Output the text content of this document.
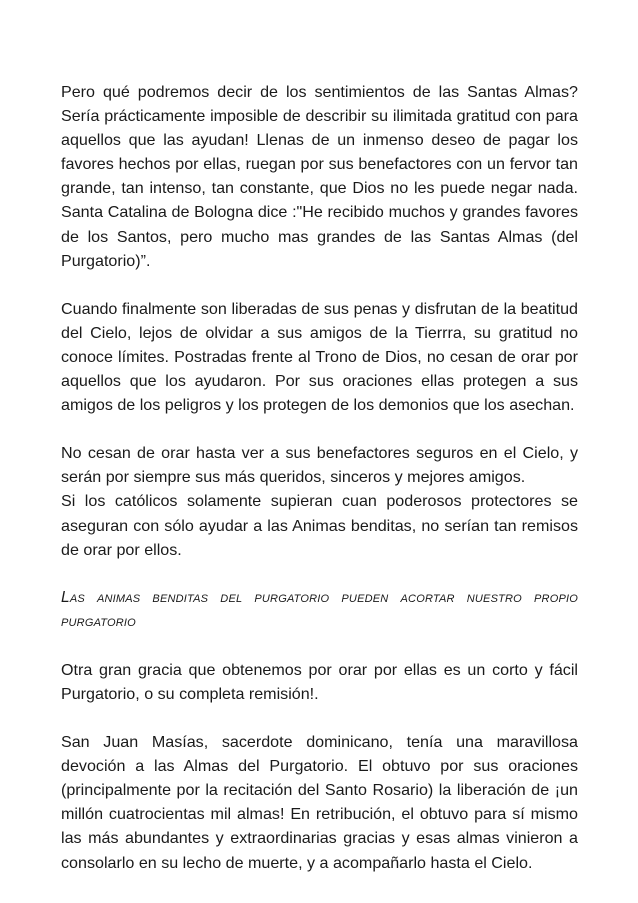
Pero qué podremos decir de los sentimientos de las Santas Almas? Sería prácticamente imposible de describir su ilimitada gratitud con para aquellos que las ayudan! Llenas de un inmenso deseo de pagar los favores hechos por ellas, ruegan por sus benefactores con un fervor tan grande, tan intenso, tan constante, que Dios no les puede negar nada. Santa Catalina de Bologna dice :"He recibido muchos y grandes favores de los Santos, pero mucho mas grandes de las Santas Almas (del Purgatorio)”.

Cuando finalmente son liberadas de sus penas y disfrutan de la beatitud del Cielo, lejos de olvidar a sus amigos de la Tierrra, su gratitud no conoce límites. Postradas frente al Trono de Dios, no cesan de orar por aquellos que los ayudaron. Por sus oraciones ellas protegen a sus amigos de los peligros y los protegen de los demonios que los asechan.

No cesan de orar hasta ver a sus benefactores seguros en el Cielo, y serán por siempre sus más queridos, sinceros y mejores amigos.

Si los católicos solamente supieran cuan poderosos protectores se aseguran con sólo ayudar a las Animas benditas, no serían tan remisos de orar por ellos.

Las animas benditas del purgatorio pueden acortar nuestro propio purgatorio

Otra gran gracia que obtenemos por orar por ellas es un corto y fácil Purgatorio, o su completa remisión!.

San Juan Masías, sacerdote dominicano, tenía una maravillosa devoción a las Almas del Purgatorio. El obtuvo por sus oraciones (principalmente por la recitación del Santo Rosario) la liberación de ¡un millón cuatrocientas mil almas! En retribución, el obtuvo para sí mismo las más abundantes y extraordinarias gracias y esas almas vinieron a consolarlo en su lecho de muerte, y a acompañarlo hasta el Cielo.
